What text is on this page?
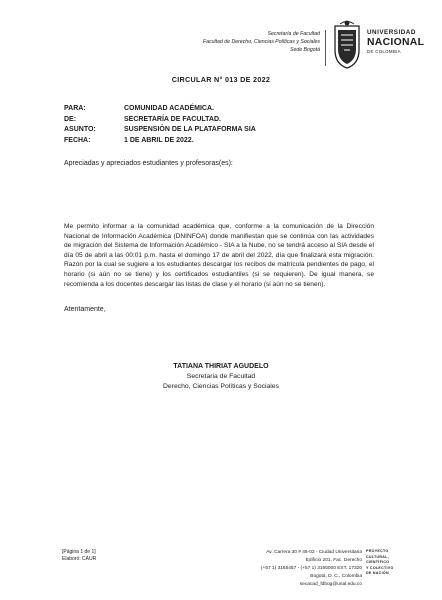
Secretaría de Facultad
Facultad de Derecho, Ciencias Políticas y Sociales
Sede Bogotá
UNIVERSIDAD
NACIONAL
DE COLOMBIA
CIRCULAR N° 013 DE 2022
PARA:	COMUNIDAD ACADÉMICA.
DE:	SECRETARÍA DE FACULTAD.
ASUNTO:	SUSPENSIÓN DE LA PLATAFORMA SIA
FECHA:	1 DE ABRIL DE 2022.
Apreciadas y apreciados estudiantes y profesoras(es):
Me permito informar a la comunidad académica que, conforme a la comunicación de la Dirección Nacional de Información Académica (DNINFOA) donde manifiestan que se continúa con las actividades de migración del Sistema de Información Académico - SIA a la Nube, no se tendrá acceso al SIA desde el día 05 de abril a las 00:01 p.m. hasta el domingo 17 de abril del 2022, día que finalizará esta migración. Razón por la cual se sugiere a los estudiantes descargar los recibos de matrícula pendientes de pago, el horario (si aún no se tiene) y los certificados estudiantiles (si se requieren). De igual manera, se recomienda a los docentes descargar las listas de clase y el horario (si aún no se tienen).
Atentamente,
TATIANA THIRIAT AGUDELO
Secretaria de Facultad
Derecho, Ciencias Políticas y Sociales
[Página 1 de 1]
Elaboró: CAUR
Av. Carrera 30 # 45-03 - Ciudad Universitaria
Edificio 201, Fac. Derecho
(+57 1) 3165457 - (+57 1) 3165000 EXT. 17320
Bogotá, D. C., Colombia
secacad_fdbog@unal.edu.co
PROYECTO
CULTURAL,
CIENTÍFICO
Y COLECTIVO
DE NACIÓN
